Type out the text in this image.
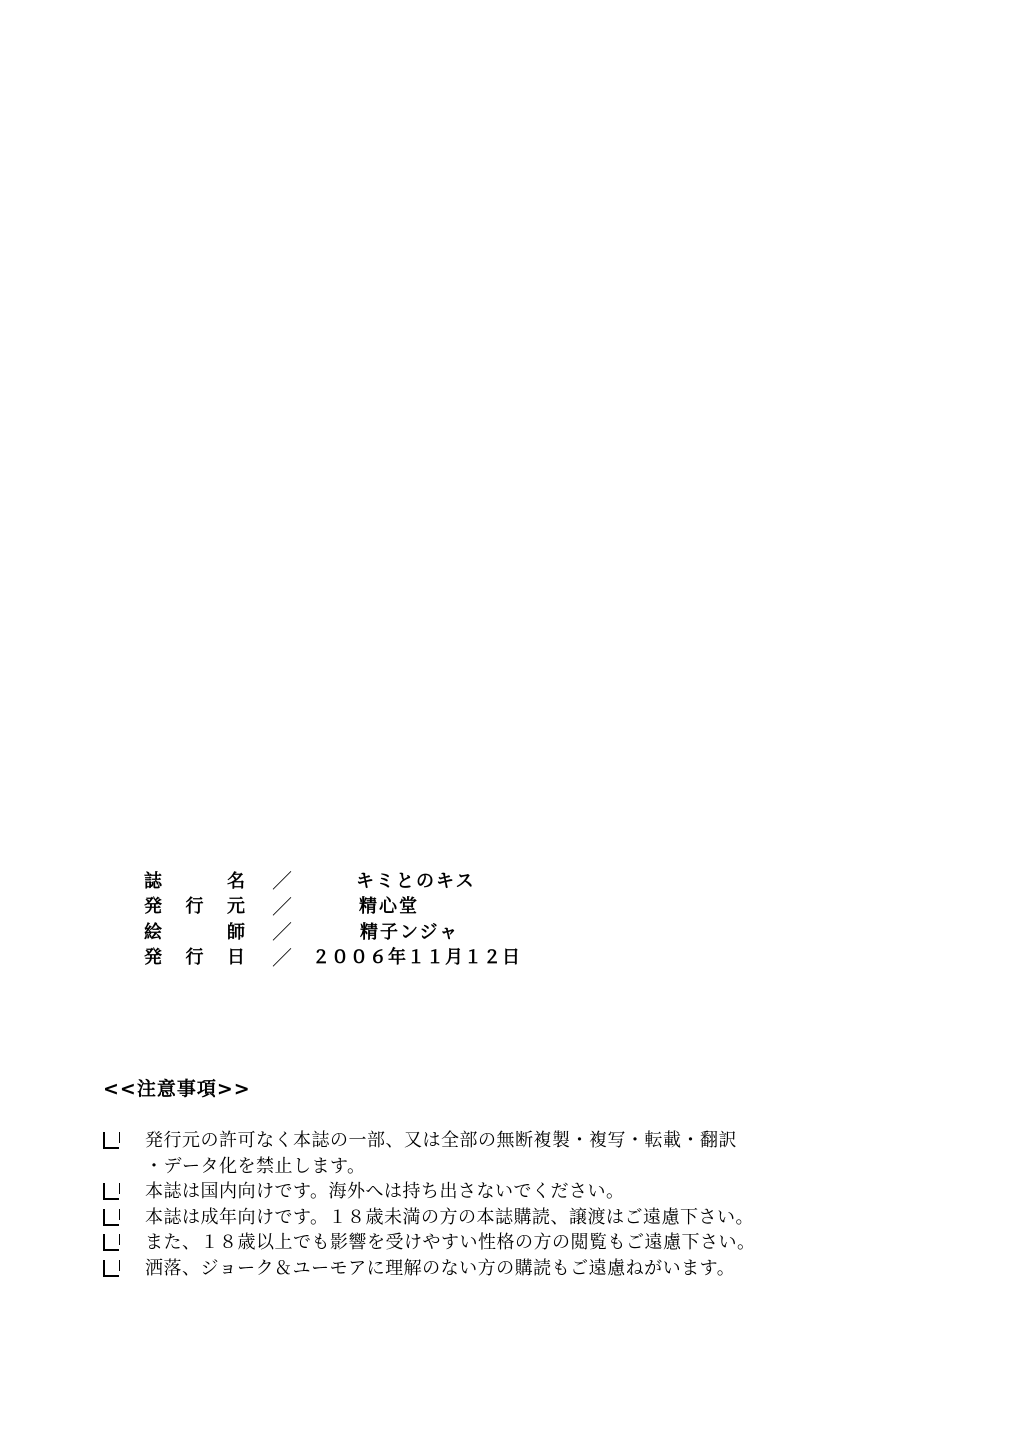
誌	名 ／	キミとのキス
発 行 元 ／	精心堂
絵	師 ／	精子ンジャ
発 行 日 ／ ２００６年１１月１２日
<<注意事項>>
発行元の許可なく本誌の一部、又は全部の無断複製・複写・転載・翻訳
・データ化を禁止します。
本誌は国内向けです。海外へは持ち出さないでください。
本誌は成年向けです。１８歳未満の方の本誌購読、譲渡はご遠慮下さい。
また、１８歳以上でも影響を受けやすい性格の方の閲覧もご遠慮下さい。
洒落、ジョーク＆ユーモアに理解のない方の購読もご遠慮ねがいます。
